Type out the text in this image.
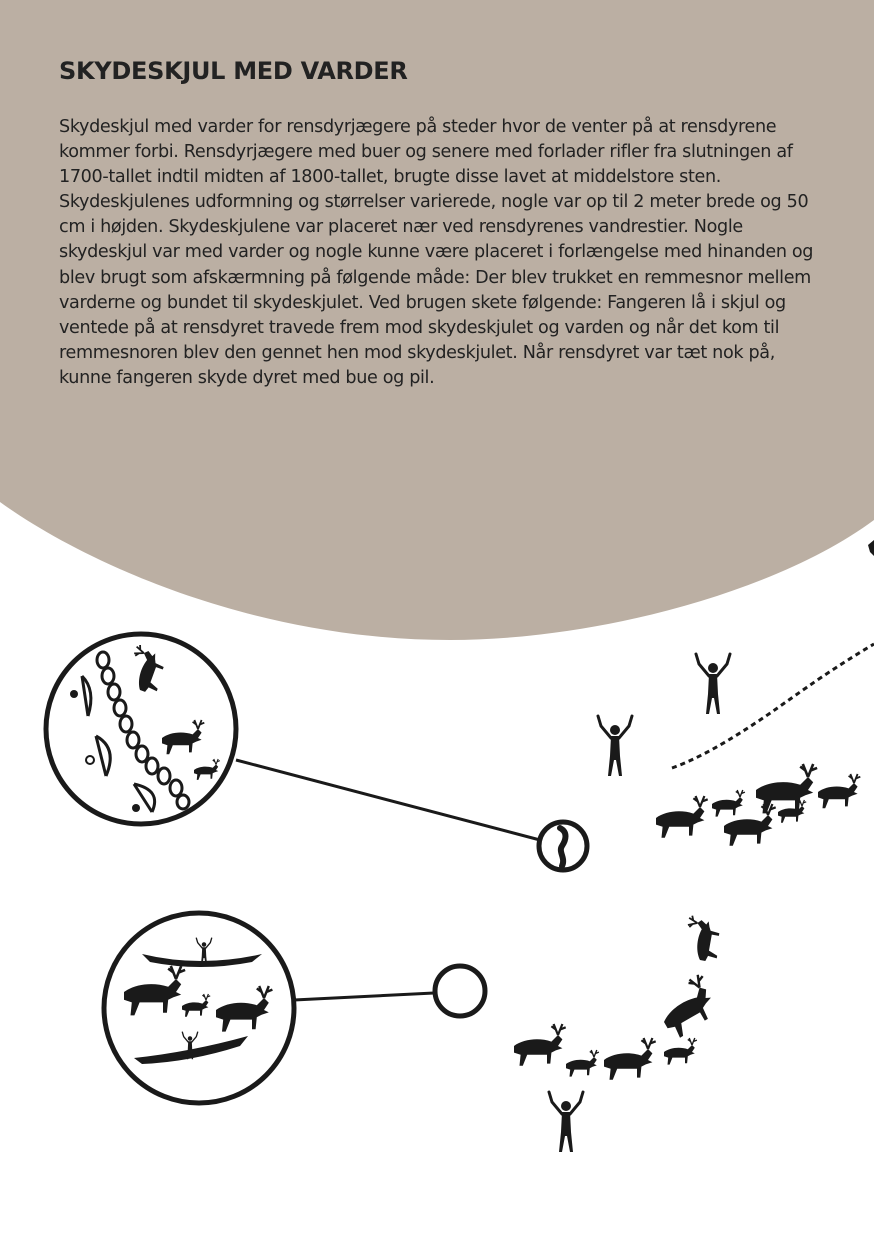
SKYDESKJUL MED VARDER

Skydeskjul med varder for rensdyrjægere på steder hvor de venter på at rensdyrene kommer forbi. Rensdyrjægere med buer og senere med forlader rifler fra slutningen af 1700-tallet indtil midten af 1800-tallet, brugte disse lavet at middelstore sten. Skydeskjulenes udformning og størrelser varierede, nogle var op til 2 meter brede og 50 cm i højden. Skydeskjulene var placeret nær ved rensdyrenes vandrestier. Nogle skydeskjul var med varder og nogle kunne være placeret i forlængelse med hinanden og blev brugt som afskærmning på følgende måde: Der blev trukket en remmesnor mellem varderne og bundet til skydeskjulet. Ved brugen skete følgende: Fangeren lå i skjul og ventede på at rensdyret travede frem mod skydeskjulet og varden og når det kom til remmesnoren blev den gennet hen mod skydeskjulet. Når rensdyret var tæt nok på, kunne fangeren skyde dyret med bue og pil.
